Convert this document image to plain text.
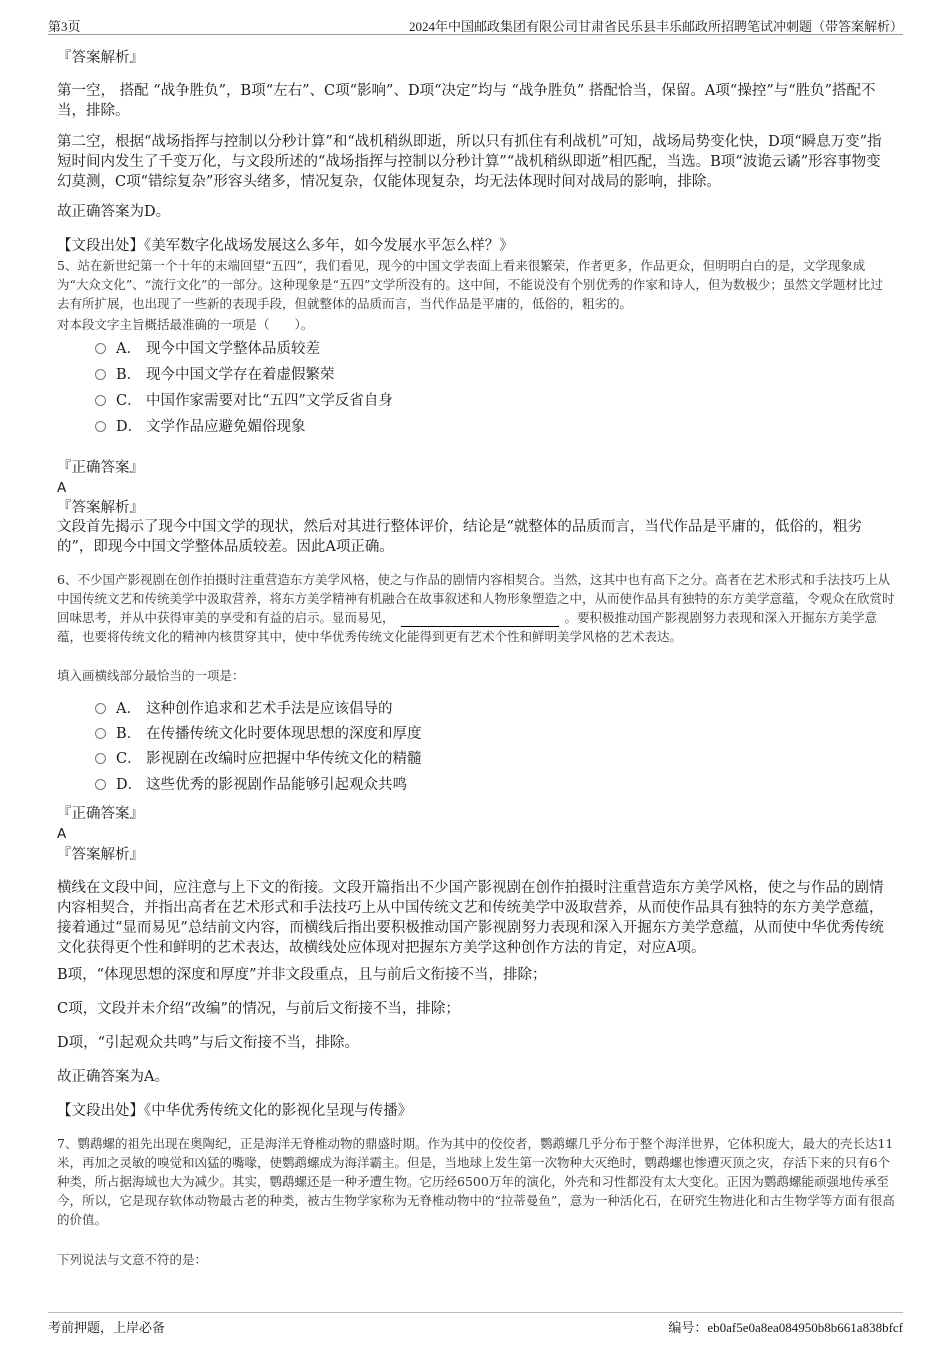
第3页	2024年中国邮政集团有限公司甘肃省民乐县丰乐邮政所招聘笔试冲刺题（带答案解析）
『答案解析』
第一空， 搭配 “战争胜负”，B项“左右”、C项“影响”、D项“决定”均与 “战争胜负” 搭配恰当，保留。A项“操控”与“胜负”搭配不当，排除。
第二空，根据“战场指挥与控制以分秒计算”和“战机稍纵即逝，所以只有抓住有利战机”可知，战场局势变化快，D项“瞬息万变”指短时间内发生了千变万化，与文段所述的“战场指挥与控制以分秒计算”“战机稍纵即逝”相匹配，当选。B项“波诡云谲”形容事物变幻莫测，C项“错综复杂”形容头绪多，情况复杂，仅能体现复杂，均无法体现时间对战局的影响，排除。
故正确答案为D。
【文段出处】《美军数字化战场发展这么多年，如今发展水平怎么样？》
5、站在新世纪第一个十年的末端回望“五四”，我们看见，现今的中国文学表面上看来很繁荣，作者更多，作品更众，但明明白白的是，文学现象成为“大众文化”、“流行文化”的一部分。这种现象是“五四”文学所没有的。这中间，不能说没有个别优秀的作家和诗人，但为数极少；虽然文学题材比过去有所扩展，也出现了一些新的表现手段，但就整体的品质而言，当代作品是平庸的，低俗的，粗劣的。
对本段文字主旨概括最准确的一项是（　　）。
A． 现今中国文学整体品质较差
B． 现今中国文学存在着虚假繁荣
C． 中国作家需要对比“五四”文学反省自身
D． 文学作品应避免媚俗现象
『正确答案』
A
『答案解析』
文段首先揭示了现今中国文学的现状，然后对其进行整体评价，结论是“就整体的品质而言，当代作品是平庸的，低俗的，粗劣的”，即现今中国文学整体品质较差。因此A项正确。
6、不少国产影视剧在创作拍摄时注重营造东方美学风格，使之与作品的剧情内容相契合。当然，这其中也有高下之分。高者在艺术形式和手法技巧上从中国传统文艺和传统美学中汲取营养，将东方美学精神有机融合在故事叙述和人物形象塑造之中，从而使作品具有独特的东方美学意蕴，令观众在欣赏时回味思考，并从中获得审美的享受和有益的启示。显而易见，	。要积极推动国产影视剧努力表现和深入开掘东方美学意蕴，也要将传统文化的精神内核贯穿其中，使中华优秀传统文化能得到更有艺术个性和鲜明美学风格的艺术表达。
填入画横线部分最恰当的一项是：
A． 这种创作追求和艺术手法是应该倡导的
B． 在传播传统文化时要体现思想的深度和厚度
C． 影视剧在改编时应把握中华传统文化的精髓
D． 这些优秀的影视剧作品能够引起观众共鸣
『正确答案』
A
『答案解析』
横线在文段中间，应注意与上下文的衔接。文段开篇指出不少国产影视剧在创作拍摄时注重营造东方美学风格，使之与作品的剧情内容相契合，并指出高者在艺术形式和手法技巧上从中国传统文艺和传统美学中汲取营养，从而使作品具有独特的东方美学意蕴，接着通过“显而易见”总结前文内容，而横线后指出要积极推动国产影视剧努力表现和深入开掘东方美学意蕴，从而使中华优秀传统文化获得更个性和鲜明的艺术表达，故横线处应体现对把握东方美学这种创作方法的肯定，对应A项。
B项，“体现思想的深度和厚度”并非文段重点，且与前后文衔接不当，排除；
C项，文段并未介绍“改编”的情况，与前后文衔接不当，排除；
D项，“引起观众共鸣”与后文衔接不当，排除。
故正确答案为A。
【文段出处】《中华优秀传统文化的影视化呈现与传播》
7、鹦鹉螺的祖先出现在奥陶纪，正是海洋无脊椎动物的鼎盛时期。作为其中的佼佼者，鹦鹉螺几乎分布于整个海洋世界，它体积庞大，最大的壳长达11米，再加之灵敏的嗅觉和凶猛的嘴喙，使鹦鹉螺成为海洋霸主。但是，当地球上发生第一次物种大灭绝时，鹦鹉螺也惨遭灭顶之灾，存活下来的只有6个种类，所占据海域也大为减少。其实，鹦鹉螺还是一种矛遭生物。它历经6500万年的演化，外壳和习性都没有太大变化。正因为鹦鹉螺能顽强地传承至今，所以，它是现存软体动物最古老的种类，被古生物学家称为无脊椎动物中的“拉蒂曼鱼”，意为一种活化石，在研究生物进化和古生物学等方面有很高的价值。
下列说法与文意不符的是：
考前押题，上岸必备	编号：eb0af5e0a8ea084950b8b661a838bfcf
